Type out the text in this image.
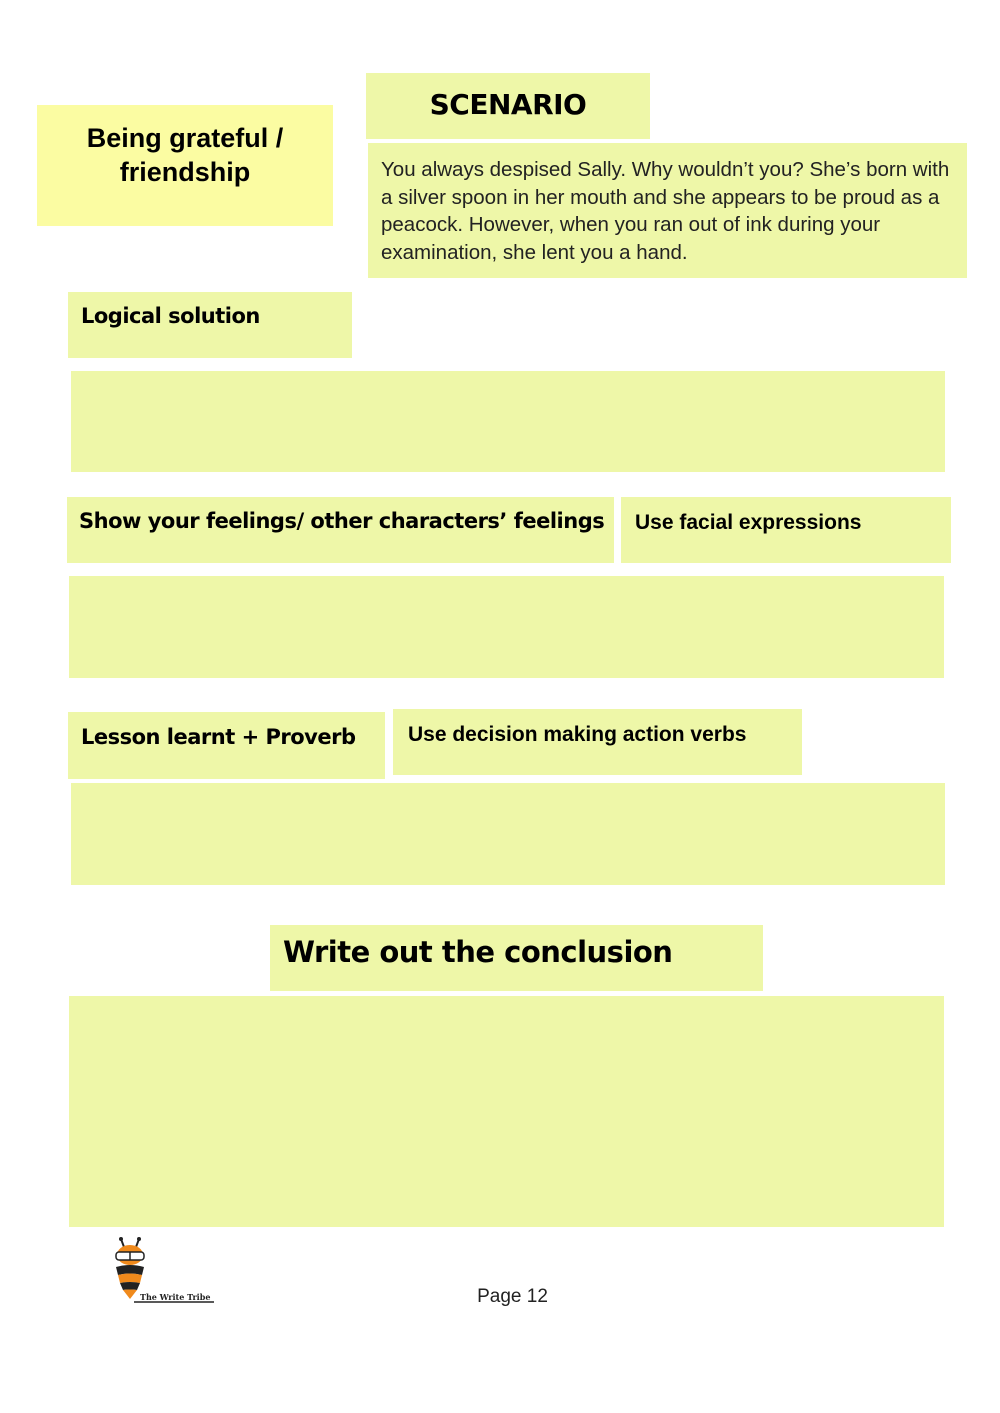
Being grateful / friendship
SCENARIO
You always despised Sally. Why wouldn’t you? She’s born with a silver spoon in her mouth and she appears to be proud as a peacock. However, when you ran out of ink during your examination, she lent you a hand.
Logical solution
Show your feelings/ other characters’ feelings	Use facial expressions
Lesson learnt + Proverb	Use decision making action verbs
Write out the conclusion
The Write Tribe	Page 12
